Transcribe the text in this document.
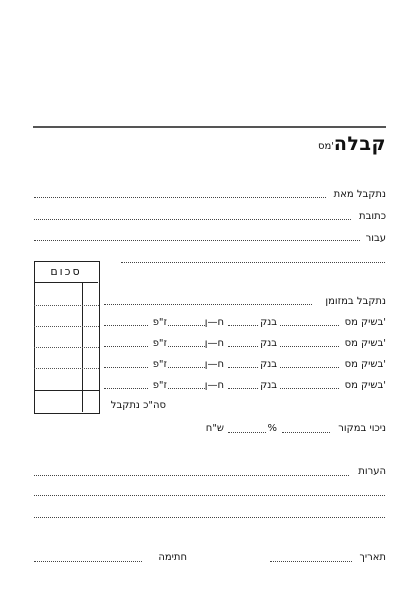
קבלה
מס'
נתקבל מאת
כתובת
עבור
סכום
נתקבל במזומן
בשיק מס'
בנק
ח—ן
ז"פ
בשיק מס'
בנק
ח—ן
ז"פ
בשיק מס'
בנק
ח—ן
ז"פ
בשיק מס'
בנק
ח—ן
ז"פ
סה"כ נתקבל
ניכוי במקור
%
ש"ח
הערות
תאריך
חתימה
